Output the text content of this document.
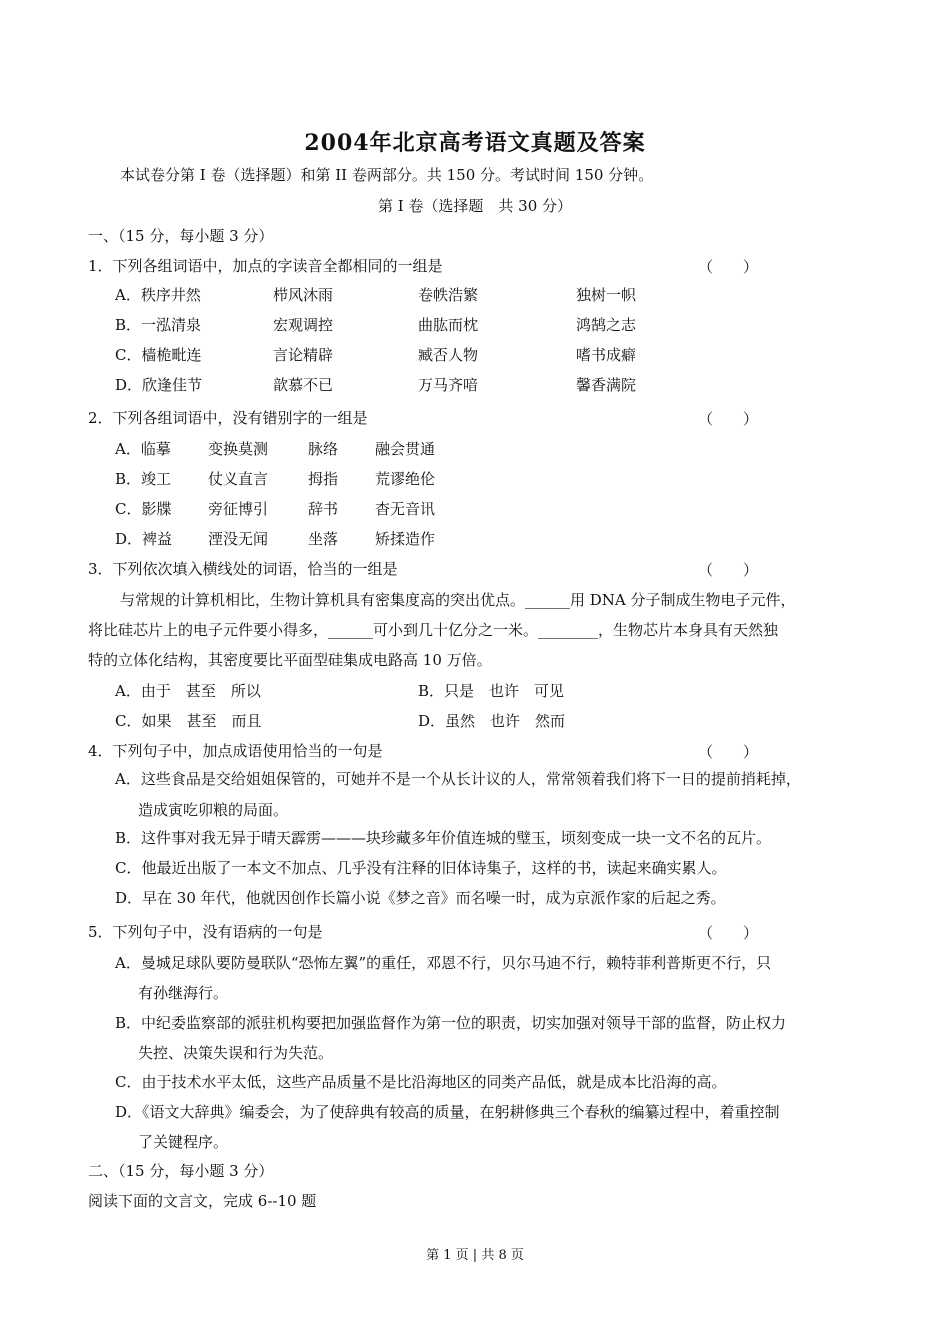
2004年北京高考语文真题及答案
本试卷分第 I 卷（选择题）和第 II 卷两部分。共 150 分。考试时间 150 分钟。
第 I 卷（选择题　共 30 分）
一、（15 分，每小题 3 分）
1．下列各组词语中，加点的字读音全都相同的一组是	（　　）
A．秩序井然	栉风沐雨	卷帙浩繁	独树一帜
B．一泓清泉	宏观调控	曲肱而枕	鸿鹄之志
C．樯桅毗连	言论精辟	臧否人物	嗜书成癖
D．欣逢佳节	歆慕不已	万马齐喑	馨香满院
2．下列各组词语中，没有错别字的一组是	（　　）
A．临摹 变换莫测	脉络 融会贯通
B．竣工 仗义直言	拇指 荒谬绝伦
C．影牒 旁征博引	辞书 杳无音讯
D．裨益 湮没无闻	坐落 矫揉造作
3．下列依次填入横线处的词语，恰当的一组是	（　　）
与常规的计算机相比，生物计算机具有密集度高的突出优点。______用 DNA 分子制成生物电子元件，
将比硅芯片上的电子元件要小得多，______可小到几十亿分之一米。________，生物芯片本身具有天然独
特的立体化结构，其密度要比平面型硅集成电路高 10 万倍。
A．由于　甚至　所以	B．只是　也许　可见
C．如果　甚至　而且	D．虽然　也许　然而
4．下列句子中，加点成语使用恰当的一句是	（　　）
A．这些食品是交给姐姐保管的，可她并不是一个从长计议的人，常常领着我们将下一日的提前捎耗掉，
造成寅吃卯粮的局面。
B．这件事对我无异于晴天霹雳———块珍藏多年价值连城的璧玉，顷刻变成一块一文不名的瓦片。
C．他最近出版了一本文不加点、几乎没有注释的旧体诗集子，这样的书，读起来确实累人。
D．早在 30 年代，他就因创作长篇小说《梦之音》而名噪一时，成为京派作家的后起之秀。
5．下列句子中，没有语病的一句是	（　　）
A．曼城足球队要防曼联队“恐怖左翼”的重任，邓恩不行，贝尔马迪不行，赖特菲利普斯更不行，只
有孙继海行。
B．中纪委监察部的派驻机构要把加强监督作为第一位的职责，切实加强对领导干部的监督，防止权力
失控、决策失误和行为失范。
C．由于技术水平太低，这些产品质量不是比沿海地区的同类产品低，就是成本比沿海的高。
D．《语文大辞典》编委会，为了使辞典有较高的质量，在躬耕修典三个春秋的编纂过程中，着重控制
了关键程序。
二、（15 分，每小题 3 分）
阅读下面的文言文，完成 6--10 题
第 1 页 | 共 8 页
